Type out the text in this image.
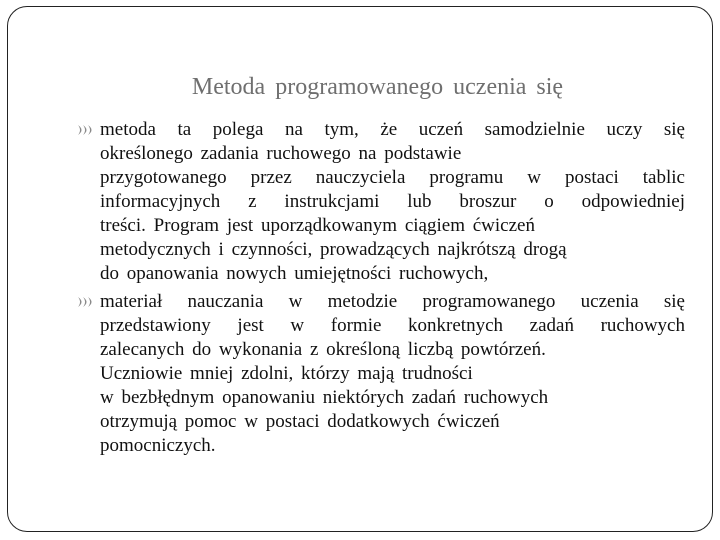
Metoda programowanego uczenia się
metoda ta polega na tym, że uczeń samodzielnie uczy się
określonego zadania ruchowego na podstawie
przygotowanego przez nauczyciela programu w postaci tablic
informacyjnych z instrukcjami lub broszur o odpowiedniej
treści. Program jest uporządkowanym ciągiem ćwiczeń
metodycznych i czynności, prowadzących najkrótszą drogą
do opanowania nowych umiejętności ruchowych,
materiał nauczania w metodzie programowanego uczenia się
przedstawiony jest w formie konkretnych zadań ruchowych
zalecanych do wykonania z określoną liczbą powtórzeń.
Uczniowie mniej zdolni, którzy mają trudności
w bezbłędnym opanowaniu niektórych zadań ruchowych
otrzymują pomoc w postaci dodatkowych ćwiczeń
pomocniczych.
